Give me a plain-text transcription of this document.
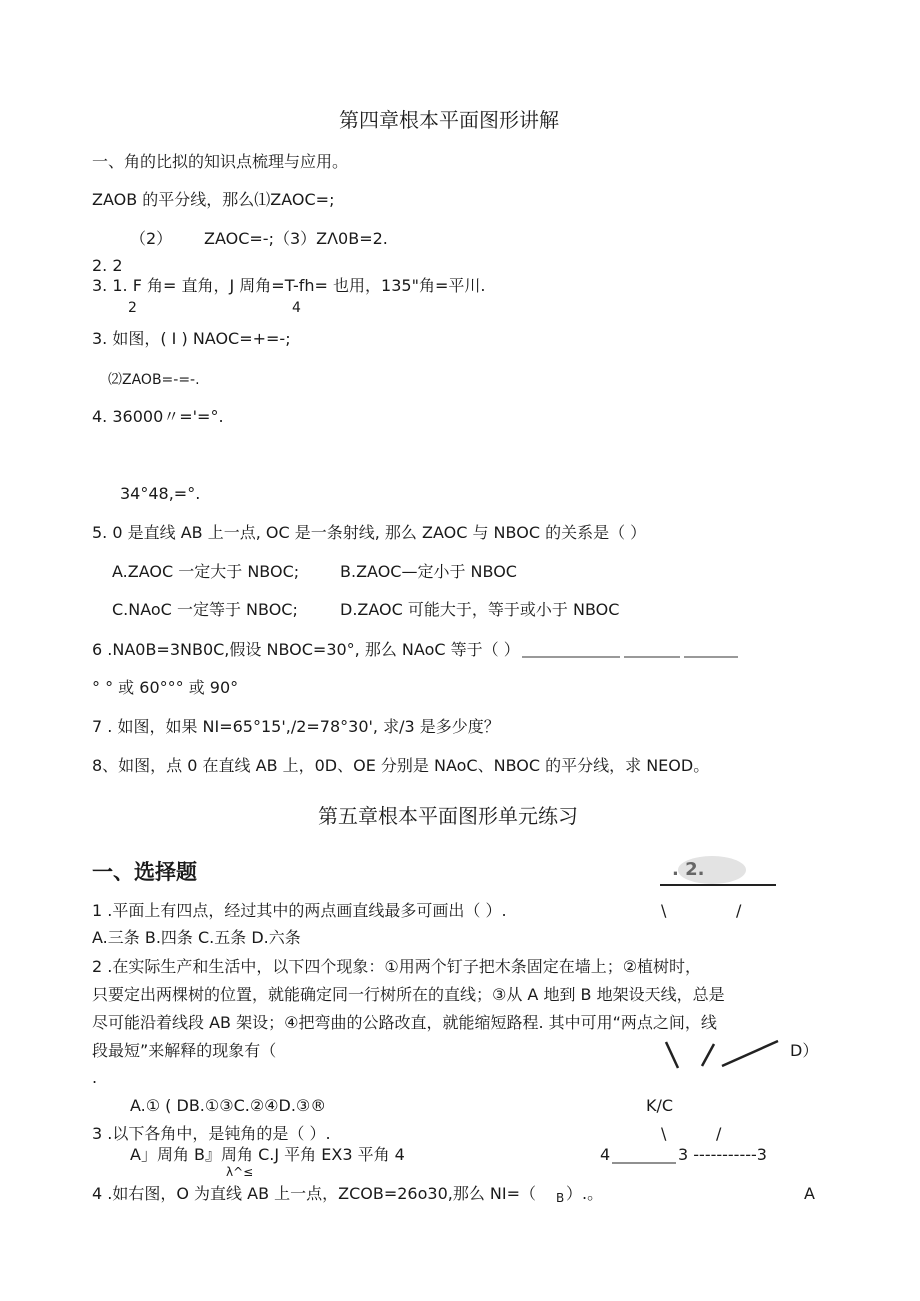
第四章根本平面图形讲解
一、角的比拟的知识点梳理与应用。
ZAOB 的平分线，那么⑴ZAOC=;
（2） ZAOC=-;（3）ZΛ0B=2.
2. 2
3. 1. F 角= 直角，J 周角=T-fh= 也用，135"角=平川.
2	4
3. 如图，( I ) NAOC=+=-;
⑵ZAOB=-=-.
4. 36000〃='=°.
34°48,=°.
5. 0 是直线 AB 上一点, OC 是一条射线, 那么 ZAOC 与 NBOC 的关系是（ ）
A.ZAOC 一定大于 NBOC;	B.ZAOC—定小于 NBOC
C.NAoC 一定等于 NBOC;	D.ZAOC 可能大于，等于或小于 NBOC
6 .NA0B=3NB0C,假设 NBOC=30°, 那么 NAoC 等于（ ）
° ° 或 60°°° 或 90°
7 . 如图，如果 NI=65°15',/2=78°30', 求/3 是多少度？
8、如图，点 0 在直线 AB 上，0D、OE 分别是 NAoC、NBOC 的平分线，求 NEOD。
第五章根本平面图形单元练习
一、选择题
1 .平面上有四点，经过其中的两点画直线最多可画出（ ）.
A.三条 B.四条 C.五条 D.六条
2 .在实际生产和生活中，以下四个现象：①用两个钉子把木条固定在墙上；②植树时，
只要定出两棵树的位置，就能确定同一行树所在的直线；③从 A 地到 B 地架设天线，总是
尽可能沿着线段 AB 架设；④把弯曲的公路改直，就能缩短路程. 其中可用“两点之间，线
段最短”来解释的现象有（
.
A.① ( DB.①③C.②④D.③®
3 .以下各角中，是钝角的是（ ）.
A」周角 B』周角 C.J 平角 EX3 平角 4
λ^≤
4 .如右图，O 为直线 AB 上一点，ZCOB=26o30,那么 NI=（ B ）.。
. 2.
\	/
D）
K/C
\	/
4	3 -----------3
A
